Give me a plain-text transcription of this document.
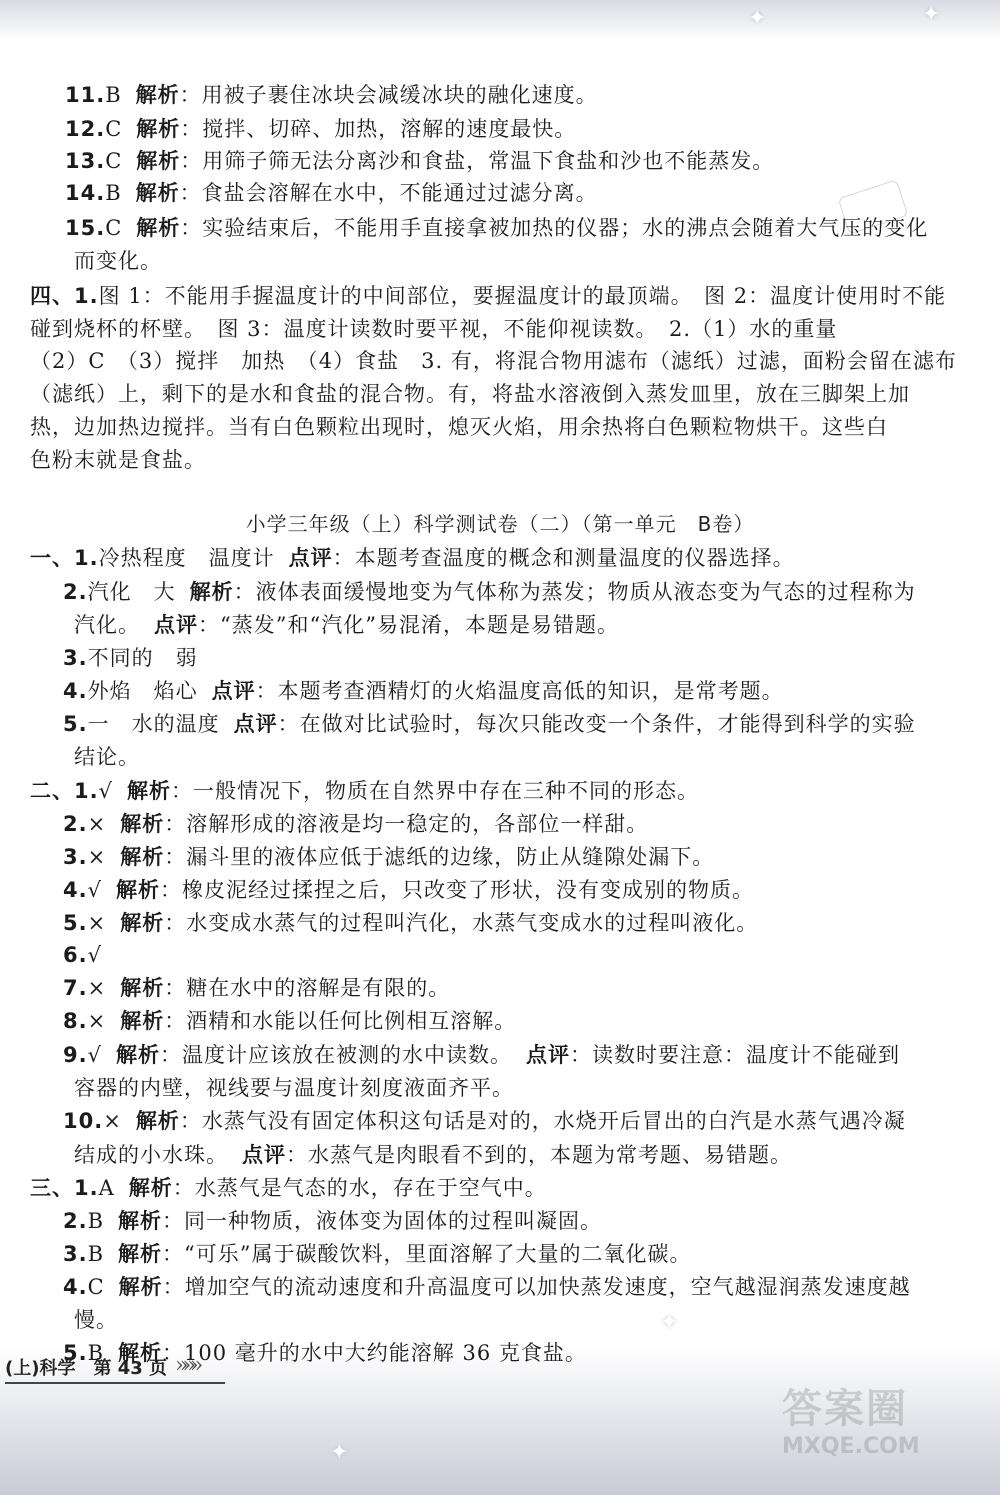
✦	✦
✦
✦
11.B 解析：用被子裹住冰块会减缓冰块的融化速度。
12.C 解析：搅拌、切碎、加热，溶解的速度最快。
13.C 解析：用筛子筛无法分离沙和食盐，常温下食盐和沙也不能蒸发。
14.B 解析：食盐会溶解在水中，不能通过过滤分离。
15.C 解析：实验结束后，不能用手直接拿被加热的仪器；水的沸点会随着大气压的变化
而变化。
四、1.图 1：不能用手握温度计的中间部位，要握温度计的最顶端。　图 2：温度计使用时不能
碰到烧杯的杯壁。　图 3：温度计读数时要平视，不能仰视读数。　2.（1）水的重量
（2）C　（3）搅拌　加热　（4）食盐　3. 有，将混合物用滤布（滤纸）过滤，面粉会留在滤布
（滤纸）上，剩下的是水和食盐的混合物。有，将盐水溶液倒入蒸发皿里，放在三脚架上加
热，边加热边搅拌。当有白色颗粒出现时，熄灭火焰，用余热将白色颗粒物烘干。这些白
色粉末就是食盐。
小学三年级（上）科学测试卷（二）（第一单元　B卷）
一、1.冷热程度　温度计 点评：本题考查温度的概念和测量温度的仪器选择。
2.汽化　大 解析：液体表面缓慢地变为气体称为蒸发；物质从液态变为气态的过程称为
汽化。 点评：“蒸发”和“汽化”易混淆，本题是易错题。
3.不同的　弱
4.外焰　焰心 点评：本题考查酒精灯的火焰温度高低的知识，是常考题。
5.一　水的温度 点评：在做对比试验时，每次只能改变一个条件，才能得到科学的实验
结论。
二、1.√ 解析：一般情况下，物质在自然界中存在三种不同的形态。
2.× 解析：溶解形成的溶液是均一稳定的，各部位一样甜。
3.× 解析：漏斗里的液体应低于滤纸的边缘，防止从缝隙处漏下。
4.√ 解析：橡皮泥经过揉捏之后，只改变了形状，没有变成别的物质。
5.× 解析：水变成水蒸气的过程叫汽化，水蒸气变成水的过程叫液化。
6.√
7.× 解析：糖在水中的溶解是有限的。
8.× 解析：酒精和水能以任何比例相互溶解。
9.√ 解析：温度计应该放在被测的水中读数。 点评：读数时要注意：温度计不能碰到
容器的内壁，视线要与温度计刻度液面齐平。
10.× 解析：水蒸气没有固定体积这句话是对的，水烧开后冒出的白汽是水蒸气遇冷凝
结成的小水珠。 点评：水蒸气是肉眼看不到的，本题为常考题、易错题。
三、1.A 解析：水蒸气是气态的水，存在于空气中。
2.B 解析：同一种物质，液体变为固体的过程叫凝固。
3.B 解析：“可乐”属于碳酸饮料，里面溶解了大量的二氧化碳。
4.C 解析：增加空气的流动速度和升高温度可以加快蒸发速度，空气越湿润蒸发速度越
慢。
5.B 解析：100 毫升的水中大约能溶解 36 克食盐。
(上)科学　第 43 页 »»»
答案圈
MXQE.COM
